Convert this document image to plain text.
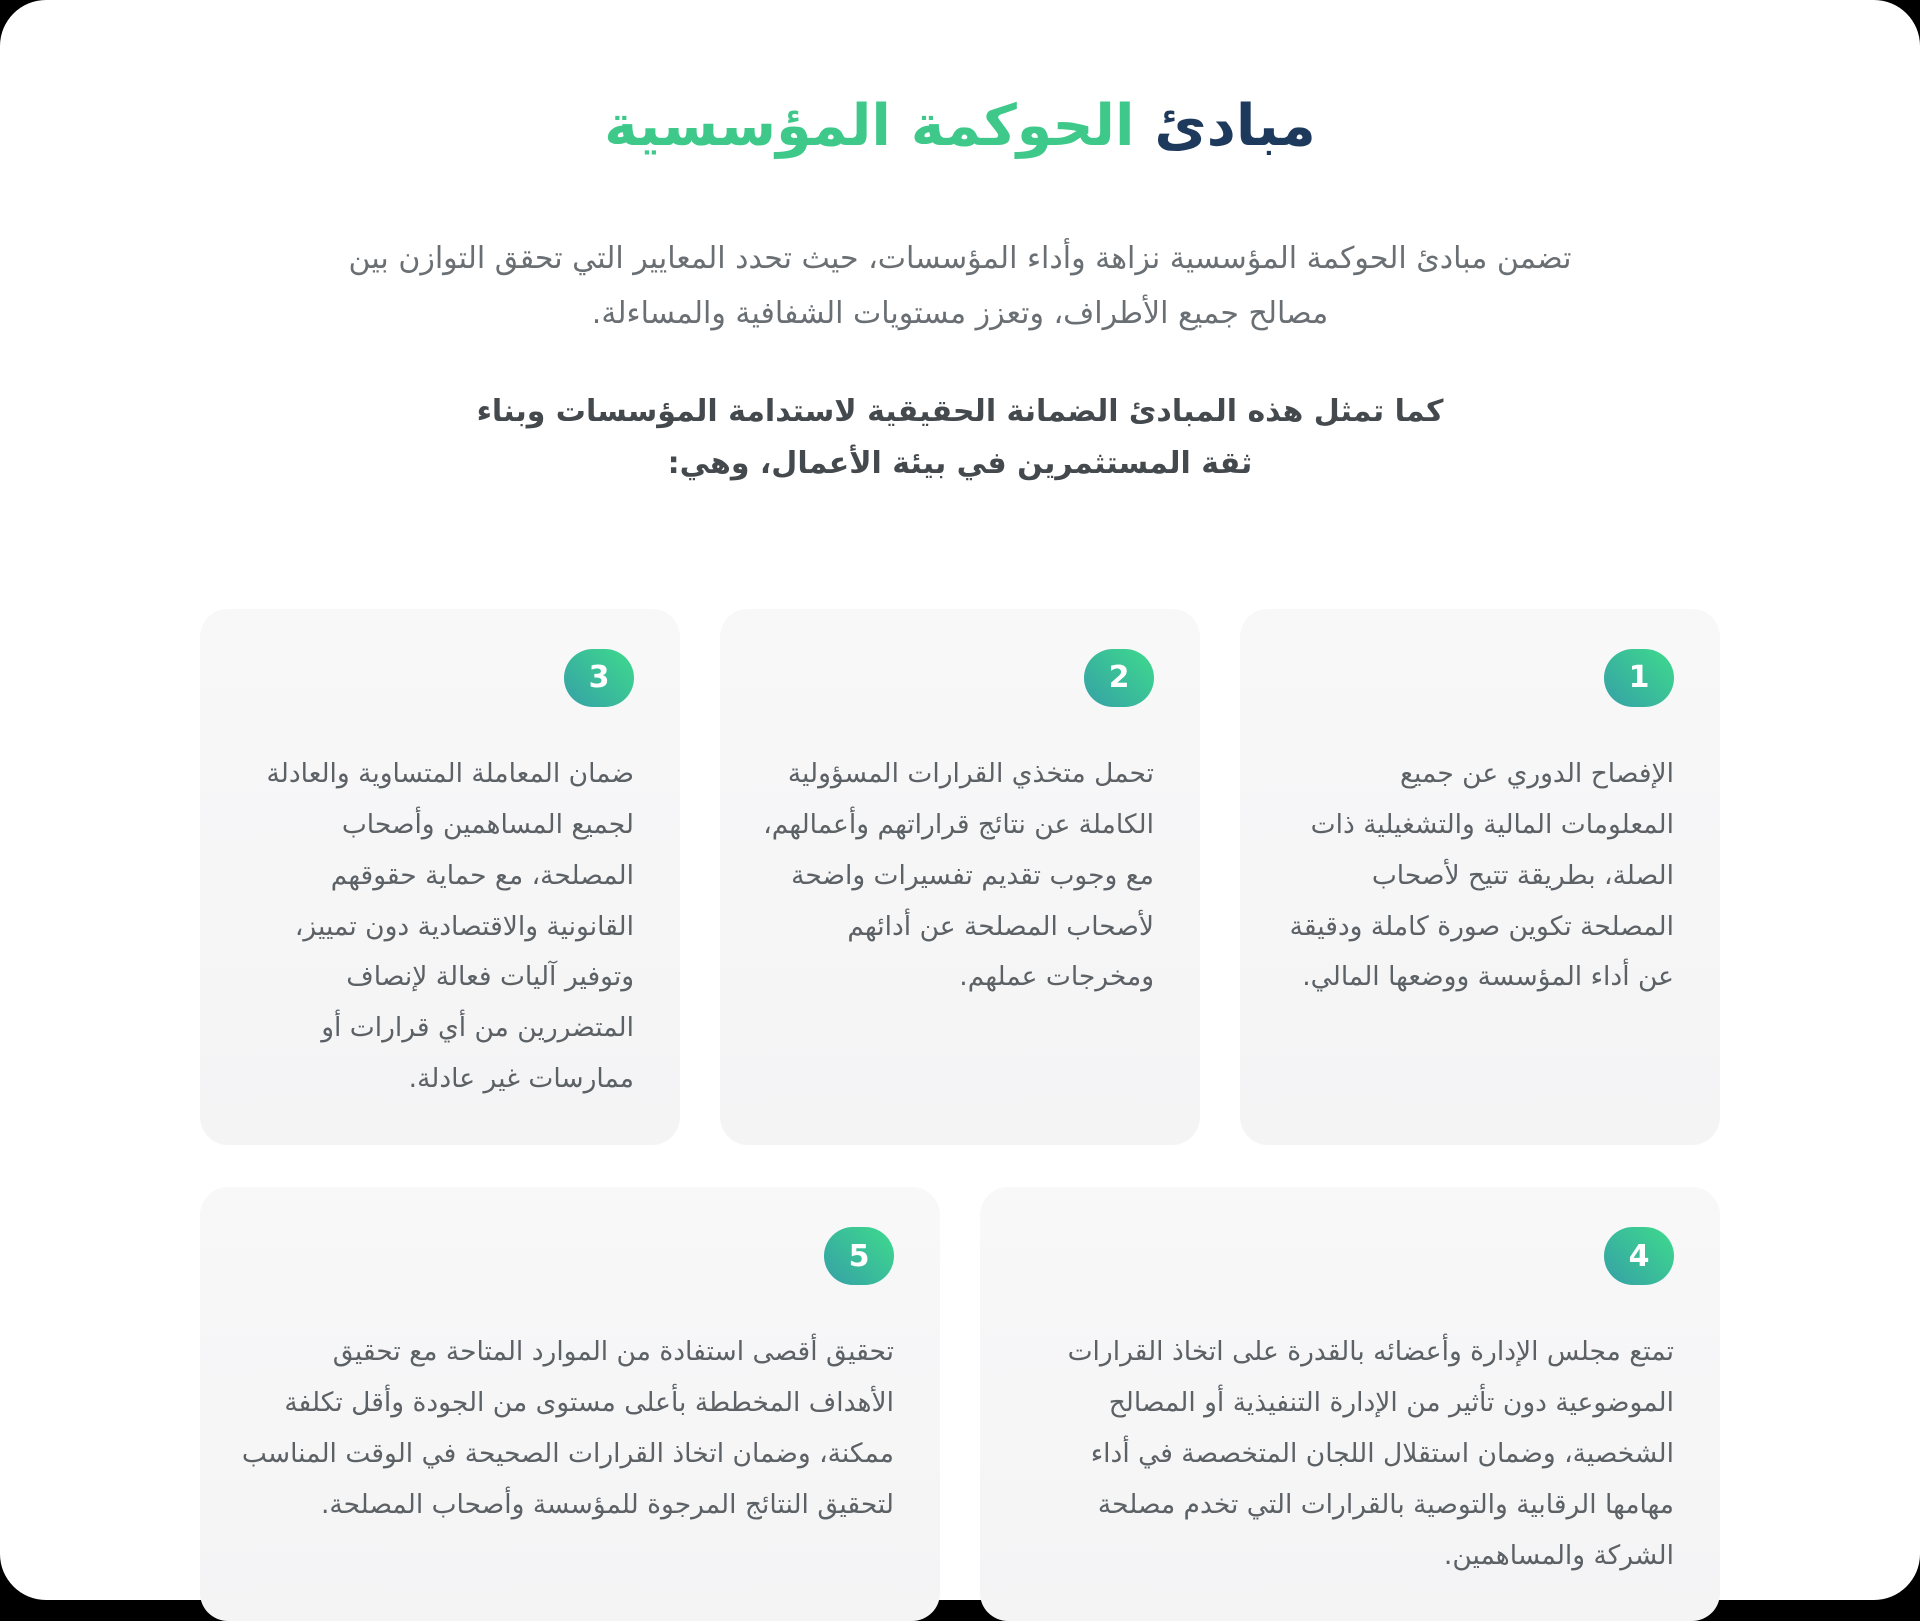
مبادئ الحوكمة المؤسسية

تضمن مبادئ الحوكمة المؤسسية نزاهة وأداء المؤسسات، حيث تحدد المعايير التي تحقق التوازن بين مصالح جميع الأطراف، وتعزز مستويات الشفافية والمساءلة.

كما تمثل هذه المبادئ الضمانة الحقيقية لاستدامة المؤسسات وبناء ثقة المستثمرين في بيئة الأعمال، وهي:

1

الإفصاح الدوري عن جميع المعلومات المالية والتشغيلية ذات الصلة، بطريقة تتيح لأصحاب المصلحة تكوين صورة كاملة ودقيقة عن أداء المؤسسة ووضعها المالي.

2

تحمل متخذي القرارات المسؤولية الكاملة عن نتائج قراراتهم وأعمالهم، مع وجوب تقديم تفسيرات واضحة لأصحاب المصلحة عن أدائهم ومخرجات عملهم.

3

ضمان المعاملة المتساوية والعادلة لجميع المساهمين وأصحاب المصلحة، مع حماية حقوقهم القانونية والاقتصادية دون تمييز، وتوفير آليات فعالة لإنصاف المتضررين من أي قرارات أو ممارسات غير عادلة.

4

تمتع مجلس الإدارة وأعضائه بالقدرة على اتخاذ القرارات الموضوعية دون تأثير من الإدارة التنفيذية أو المصالح الشخصية، وضمان استقلال اللجان المتخصصة في أداء مهامها الرقابية والتوصية بالقرارات التي تخدم مصلحة الشركة والمساهمين.

5

تحقيق أقصى استفادة من الموارد المتاحة مع تحقيق الأهداف المخططة بأعلى مستوى من الجودة وأقل تكلفة ممكنة، وضمان اتخاذ القرارات الصحيحة في الوقت المناسب لتحقيق النتائج المرجوة للمؤسسة وأصحاب المصلحة.
